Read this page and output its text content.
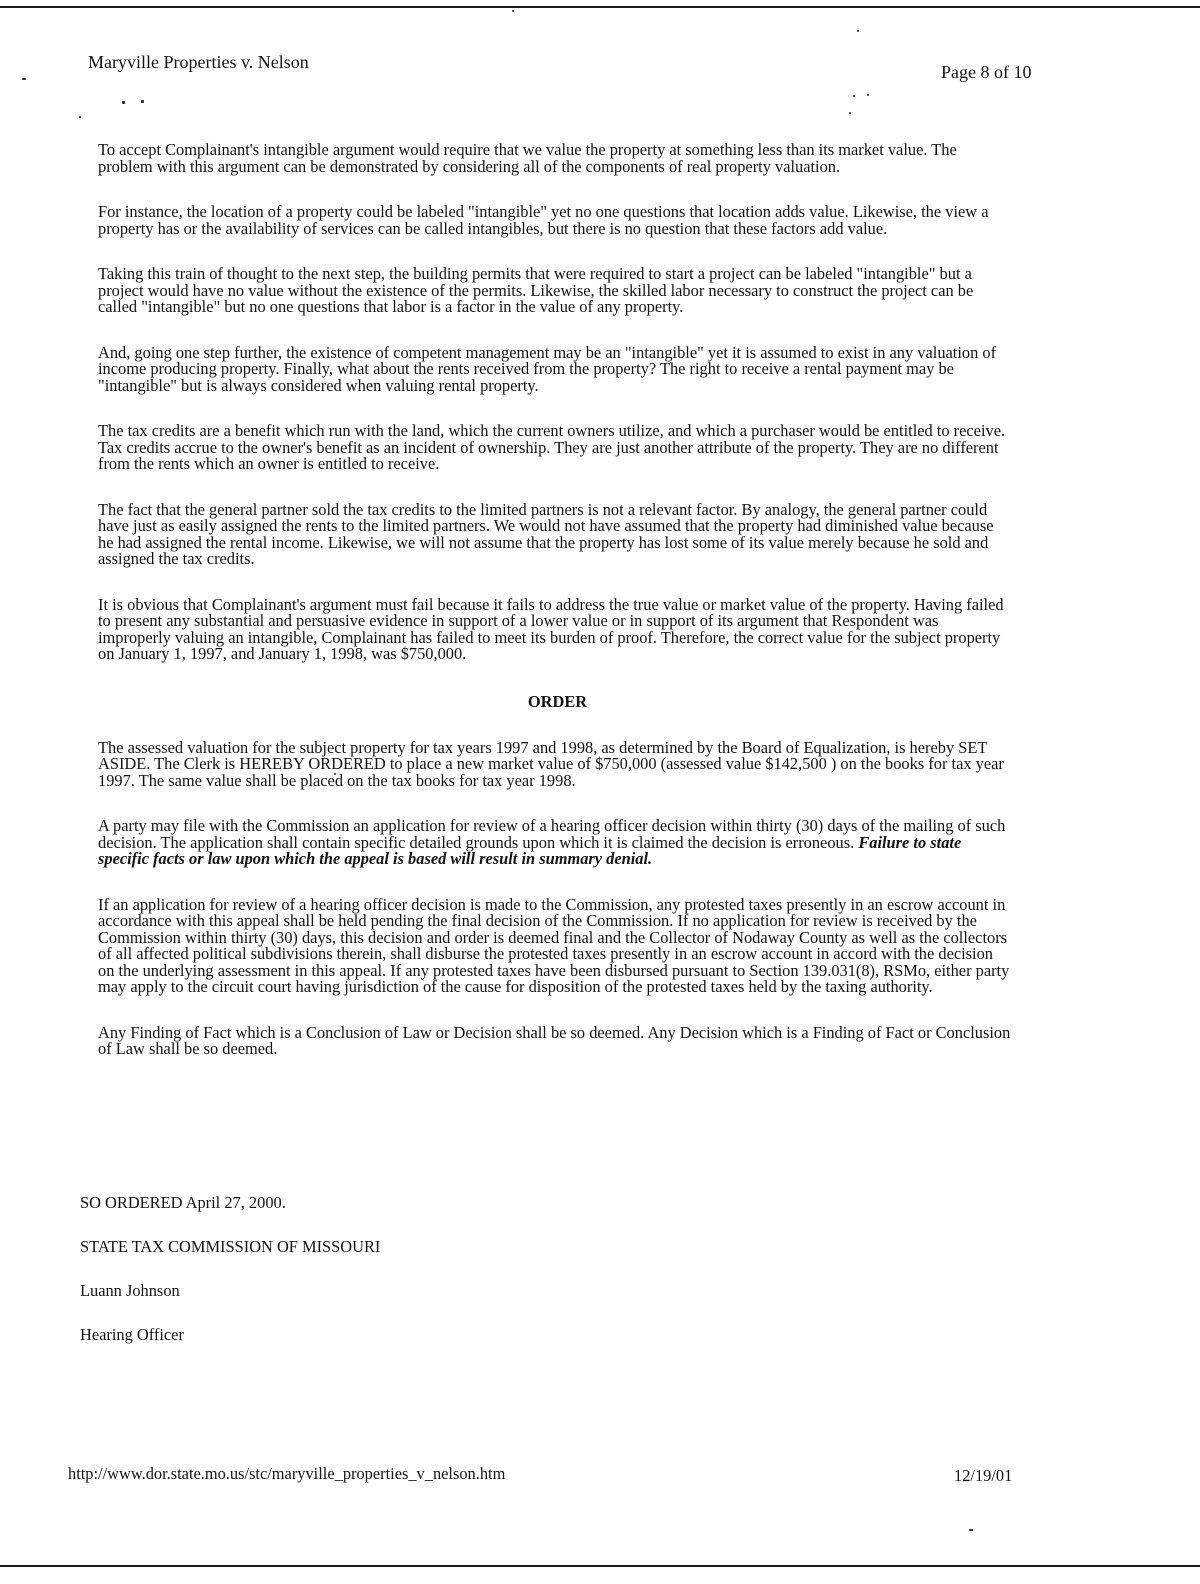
Maryville Properties v. Nelson	Page 8 of 10

To accept Complainant's intangible argument would require that we value the property at something less than its market value. The problem with this argument can be demonstrated by considering all of the components of real property valuation.

For instance, the location of a property could be labeled "intangible" yet no one questions that location adds value. Likewise, the view a property has or the availability of services can be called intangibles, but there is no question that these factors add value.

Taking this train of thought to the next step, the building permits that were required to start a project can be labeled "intangible" but a project would have no value without the existence of the permits. Likewise, the skilled labor necessary to construct the project can be called "intangible" but no one questions that labor is a factor in the value of any property.

And, going one step further, the existence of competent management may be an "intangible" yet it is assumed to exist in any valuation of income producing property. Finally, what about the rents received from the property? The right to receive a rental payment may be "intangible" but is always considered when valuing rental property.

The tax credits are a benefit which run with the land, which the current owners utilize, and which a purchaser would be entitled to receive. Tax credits accrue to the owner's benefit as an incident of ownership. They are just another attribute of the property. They are no different from the rents which an owner is entitled to receive.

The fact that the general partner sold the tax credits to the limited partners is not a relevant factor. By analogy, the general partner could have just as easily assigned the rents to the limited partners. We would not have assumed that the property had diminished value because he had assigned the rental income. Likewise, we will not assume that the property has lost some of its value merely because he sold and assigned the tax credits.

It is obvious that Complainant's argument must fail because it fails to address the true value or market value of the property. Having failed to present any substantial and persuasive evidence in support of a lower value or in support of its argument that Respondent was improperly valuing an intangible, Complainant has failed to meet its burden of proof. Therefore, the correct value for the subject property on January 1, 1997, and January 1, 1998, was $750,000.

ORDER

The assessed valuation for the subject property for tax years 1997 and 1998, as determined by the Board of Equalization, is hereby SET ASIDE. The Clerk is HEREBY ORDERED to place a new market value of $750,000 (assessed value $142,500 ) on the books for tax year 1997. The same value shall be placed on the tax books for tax year 1998.

A party may file with the Commission an application for review of a hearing officer decision within thirty (30) days of the mailing of such decision. The application shall contain specific detailed grounds upon which it is claimed the decision is erroneous. Failure to state specific facts or law upon which the appeal is based will result in summary denial.

If an application for review of a hearing officer decision is made to the Commission, any protested taxes presently in an escrow account in accordance with this appeal shall be held pending the final decision of the Commission. If no application for review is received by the Commission within thirty (30) days, this decision and order is deemed final and the Collector of Nodaway County as well as the collectors of all affected political subdivisions therein, shall disburse the protested taxes presently in an escrow account in accord with the decision on the underlying assessment in this appeal. If any protested taxes have been disbursed pursuant to Section 139.031(8), RSMo, either party may apply to the circuit court having jurisdiction of the cause for disposition of the protested taxes held by the taxing authority.

Any Finding of Fact which is a Conclusion of Law or Decision shall be so deemed. Any Decision which is a Finding of Fact or Conclusion of Law shall be so deemed.

SO ORDERED April 27, 2000.
STATE TAX COMMISSION OF MISSOURI
Luann Johnson
Hearing Officer
http://www.dor.state.mo.us/stc/maryville_properties_v_nelson.htm	12/19/01
